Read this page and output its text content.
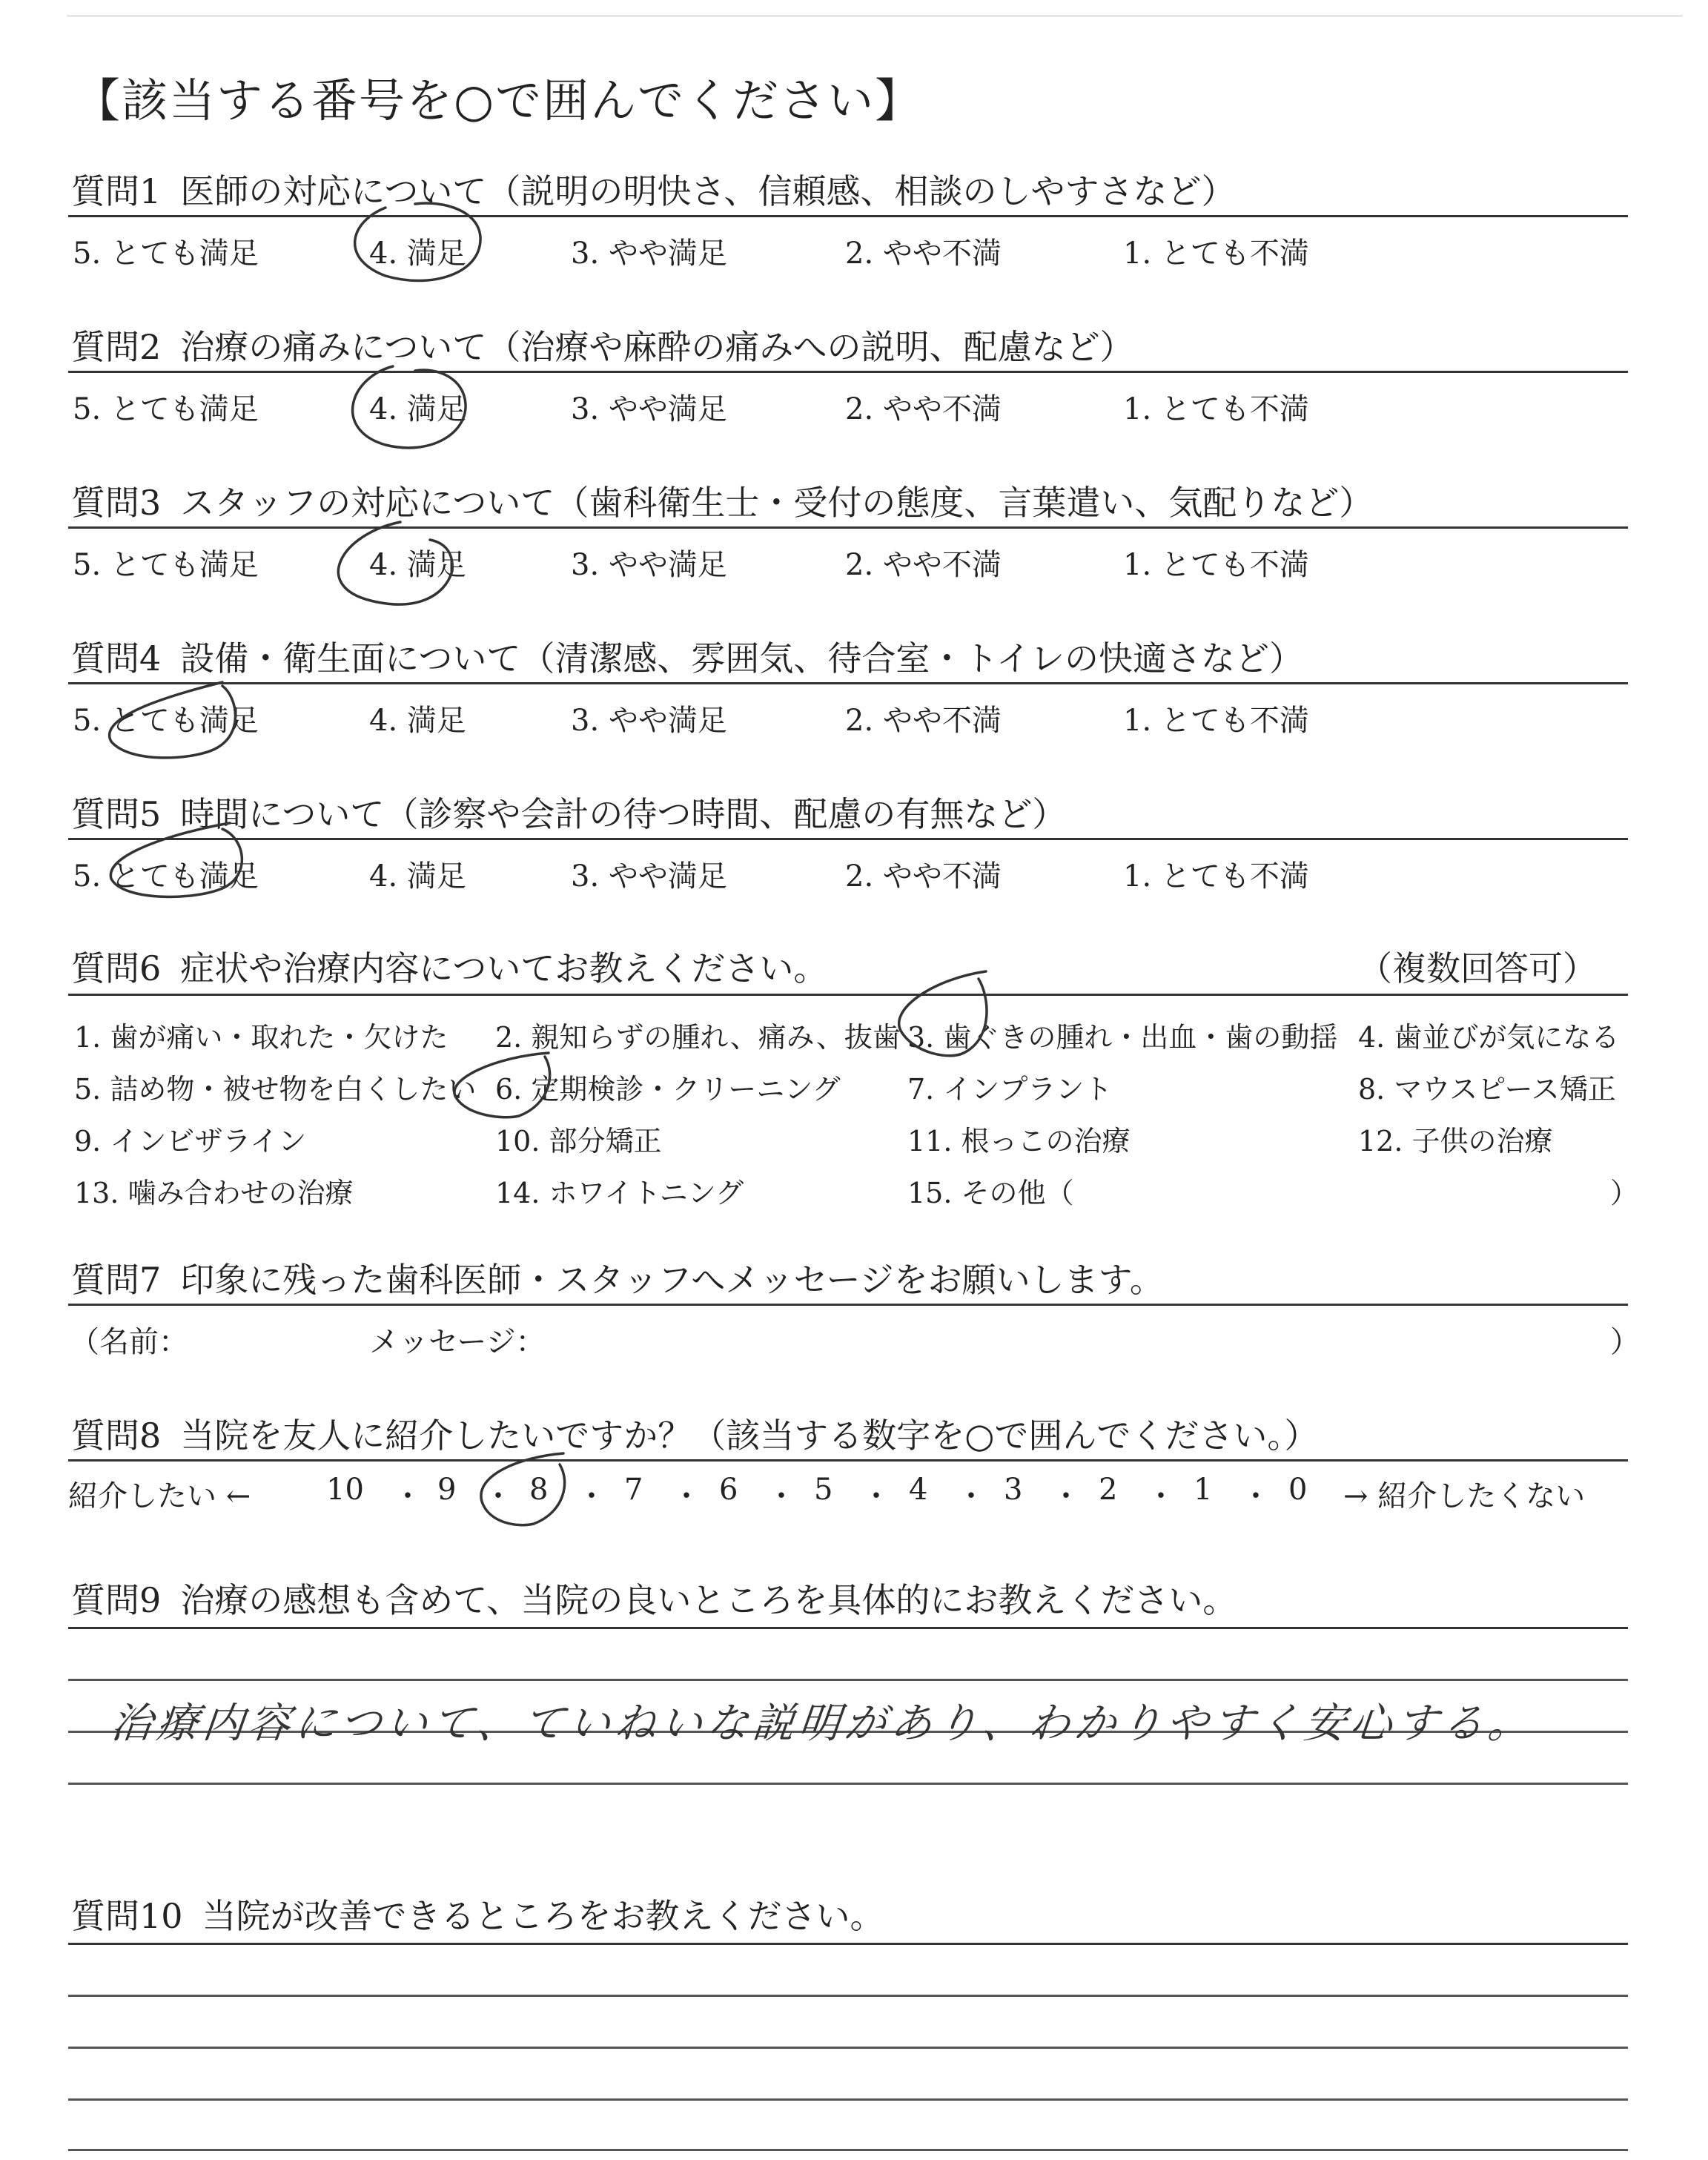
【該当する番号を○で囲んでください】
質問1 医師の対応について（説明の明快さ、信頼感、相談のしやすさなど）
5. とても満足	4. 満足	3. やや満足	2. やや不満	1. とても不満
質問2 治療の痛みについて（治療や麻酔の痛みへの説明、配慮など）
5. とても満足	4. 満足	3. やや満足	2. やや不満	1. とても不満
質問3 スタッフの対応について（歯科衛生士・受付の態度、言葉遣い、気配りなど）
5. とても満足	4. 満足	3. やや満足	2. やや不満	1. とても不満
質問4 設備・衛生面について（清潔感、雰囲気、待合室・トイレの快適さなど）
5. とても満足	4. 満足	3. やや満足	2. やや不満	1. とても不満
質問5 時間について（診察や会計の待つ時間、配慮の有無など）
5. とても満足	4. 満足	3. やや満足	2. やや不満	1. とても不満
質問6 症状や治療内容についてお教えください。	（複数回答可）
1. 歯が痛い・取れた・欠けた 2. 親知らずの腫れ、痛み、抜歯 3. 歯ぐきの腫れ・出血・歯の動揺 4. 歯並びが気になる
5. 詰め物・被せ物を白くしたい 6. 定期検診・クリーニング 7. インプラント	8. マウスピース矯正
9. インビザライン	10. 部分矯正	11. 根っこの治療	12. 子供の治療
13. 噛み合わせの治療	14. ホワイトニング	15. その他（	）
質問7 印象に残った歯科医師・スタッフへメッセージをお願いします。
（名前：	メッセージ：	）
質問8 当院を友人に紹介したいですか？（該当する数字を○で囲んでください。）
紹介したい ←	10 9 8	7	6	5	4	3	2	1	0 → 紹介したくない
・ ・ ・ ・ ・ ・ ・ ・ ・ ・
質問9 治療の感想も含めて、当院の良いところを具体的にお教えください。
治療内容について、ていねいな説明があり、わかりやすく安心する。
質問10 当院が改善できるところをお教えください。
